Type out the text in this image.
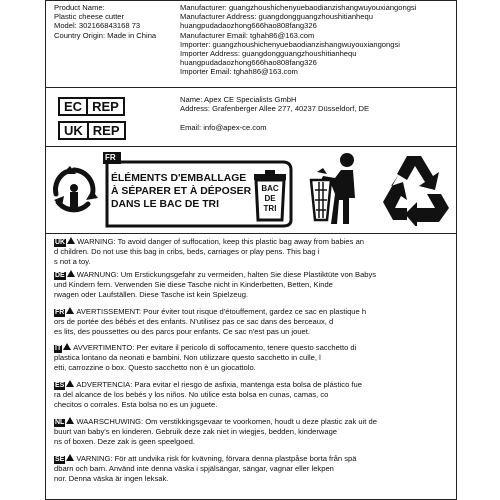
Product Name:
Plastic cheese cutter
Model: 302166843168 73
Country Origin: Made in China
Manufacturer: guangzhoushichenyuebaodianzishangwuyouxiangongsi
Manufacturer Address: guangdongguangzhoushitianhequ
huangpudadaozhong666hao808fang326
Manufacturer Email: tghah86@163.com
Importer: guangzhoushichenyuebaodianzishangwuyouxiangongsi
Importer Address: guangdongguangzhoushitianhequ
huangpudadaozhong666hao808fang326
Importer Email: tghah86@163.com
EC REP
UK REP
Name: Apex CE Specialists GmbH
Address: Grafenberger Allee 277, 40237 Düsseldorf, DE

Email: info@apex-ce.com
FR
ÉLÉMENTS D'EMBALLAGE
À SÉPARER ET À DÉPOSER
DANS LE BAC DE TRI
BAC
DE
TRI
UK WARNING: To avoid danger of suffocation, keep this plastic bag away from babies an
d children. Do not use this bag in cribs, beds, carriages or play pens. This bag i
s not a toy.
DE WARNUNG: Um Erstickungsgefahr zu vermeiden, halten Sie diese Plastiktüte von Babys
und Kindern fern. Verwenden Sie diese Tasche nicht in Kinderbetten, Betten, Kinde
rwagen oder Laufställen. Diese Tasche ist kein Spielzeug.
FR AVERTISSEMENT: Pour éviter tout risque d'étouffement, gardez ce sac en plastique h
ors de portée des bébés et des enfants. N'utilisez pas ce sac dans des berceaux, d
es lits, des poussettes ou des parcs pour enfants. Ce sac n'est pas un jouet.
IT AVVERTIMENTO: Per evitare il pericolo di soffocamento, tenere questo sacchetto di
plastica lontano da neonati e bambini. Non utilizzare questo sacchetto in culle, l
etti, carrozzine o box. Questo sacchetto non è un giocattolo.
ES ADVERTENCIA: Para evitar el riesgo de asfixia, mantenga esta bolsa de plástico fue
ra del alcance de los bebés y los niños. No utilice esta bolsa en cunas, camas, co
checitos o corrales. Esta bolsa no es un juguete.
NL WAARSCHUWING: Om verstikkingsgevaar te voorkomen, houdt u deze plastic zak uit de
buurt van baby's en kinderen. Gebruik deze zak niet in wiegjes, bedden, kinderwage
ns of boxen. Deze zak is geen speelgoed.
SE VARNING: För att undvika risk för kvävning, förvara denna plastpåse borta från spä
dbarn och barn. Använd inte denna väska i spjälsängar, sängar, vagnar eller lekpen
nor. Denna väska är ingen leksak.
